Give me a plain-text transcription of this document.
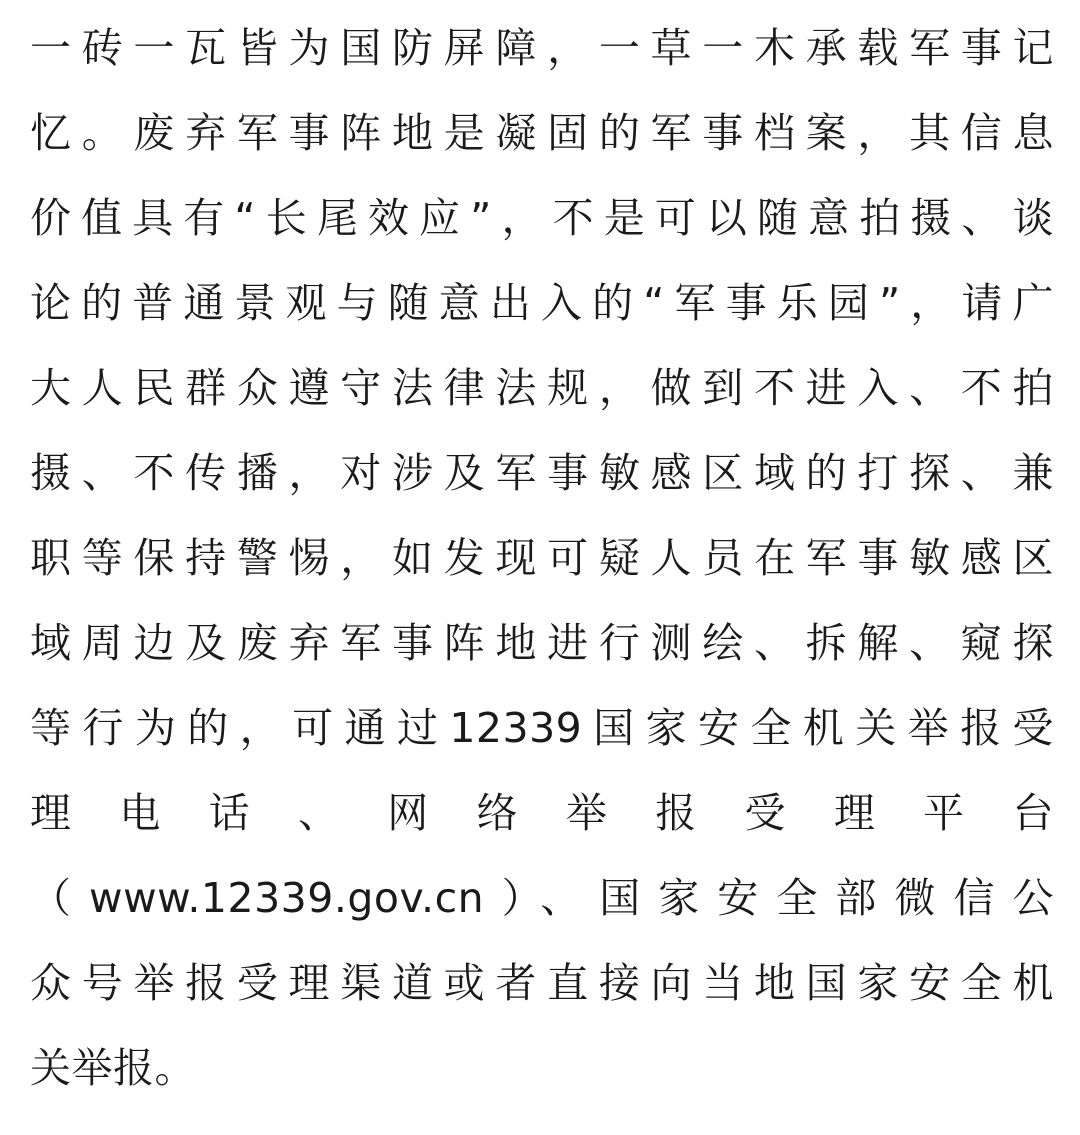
一砖一瓦皆为国防屏障，一草一木承载军事记
忆。废弃军事阵地是凝固的军事档案，其信息
价值具有“长尾效应”，不是可以随意拍摄、谈
论的普通景观与随意出入的“军事乐园”，请广
大人民群众遵守法律法规，做到不进入、不拍
摄、不传播，对涉及军事敏感区域的打探、兼
职等保持警惕，如发现可疑人员在军事敏感区
域周边及废弃军事阵地进行测绘、拆解、窥探
等行为的，可通过12339国家安全机关举报受
理 电 话 、 网 络 举 报 受 理 平 台
（www.12339.gov.cn）、国家安全部微信公
众号举报受理渠道或者直接向当地国家安全机
关举报。
